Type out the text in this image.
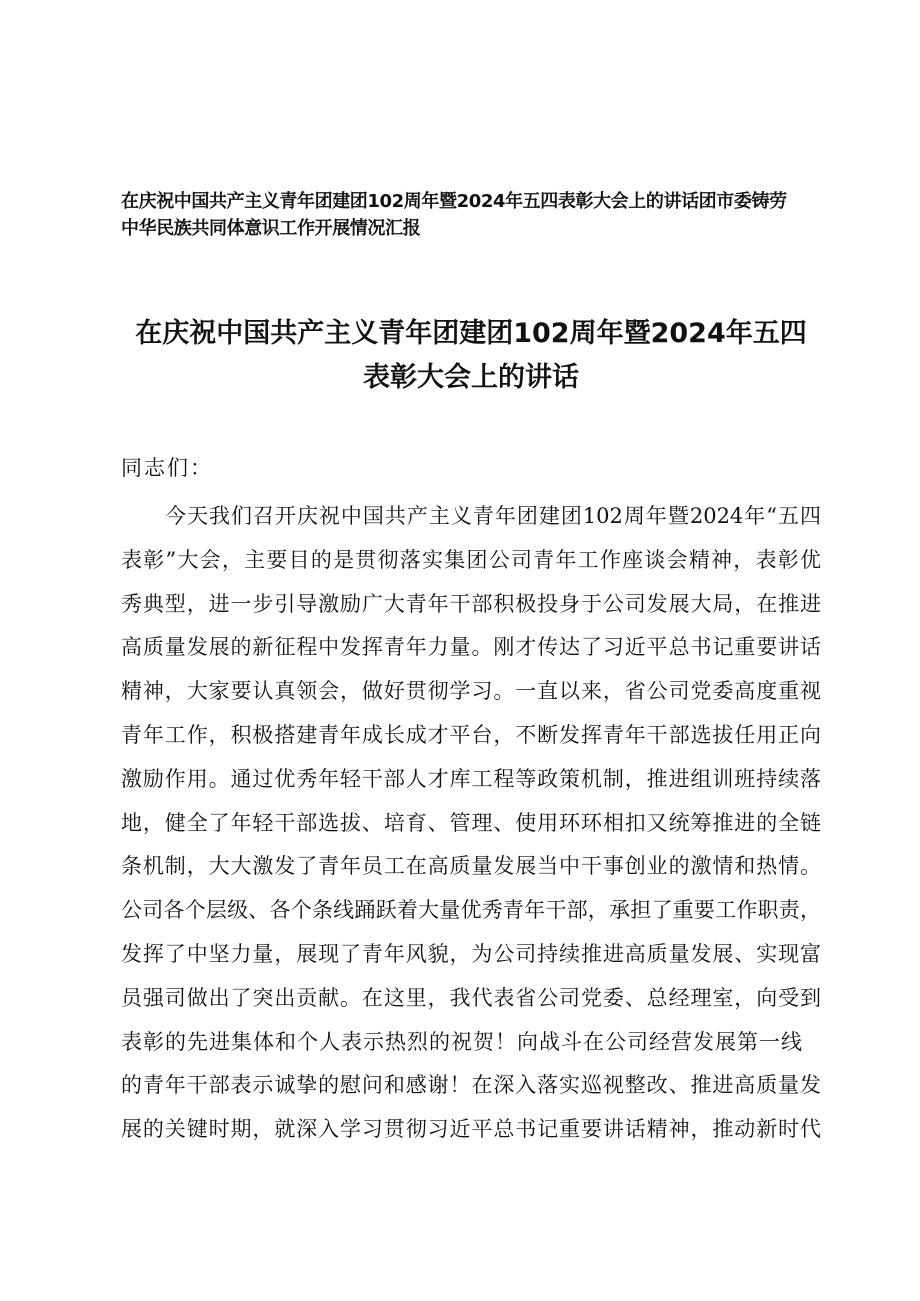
在庆祝中国共产主义青年团建团102周年暨2024年五四表彰大会上的讲话团市委铸劳
中华民族共同体意识工作开展情况汇报
在庆祝中国共产主义青年团建团102周年暨2024年五四
表彰大会上的讲话
同志们：
今天我们召开庆祝中国共产主义青年团建团102周年暨2024年“五四
表彰”大会，主要目的是贯彻落实集团公司青年工作座谈会精神，表彰优
秀典型，进一步引导激励广大青年干部积极投身于公司发展大局，在推进
高质量发展的新征程中发挥青年力量。刚才传达了习近平总书记重要讲话
精神，大家要认真领会，做好贯彻学习。一直以来，省公司党委高度重视
青年工作，积极搭建青年成长成才平台，不断发挥青年干部选拔任用正向
激励作用。通过优秀年轻干部人才库工程等政策机制，推进组训班持续落
地，健全了年轻干部选拔、培育、管理、使用环环相扣又统筹推进的全链
条机制，大大激发了青年员工在高质量发展当中干事创业的激情和热情。
公司各个层级、各个条线踊跃着大量优秀青年干部，承担了重要工作职责，
发挥了中坚力量，展现了青年风貌，为公司持续推进高质量发展、实现富
员强司做出了突出贡献。在这里，我代表省公司党委、总经理室，向受到
表彰的先进集体和个人表示热烈的祝贺！向战斗在公司经营发展第一线
的青年干部表示诚挚的慰问和感谢！在深入落实巡视整改、推进高质量发
展的关键时期，就深入学习贯彻习近平总书记重要讲话精神，推动新时代
